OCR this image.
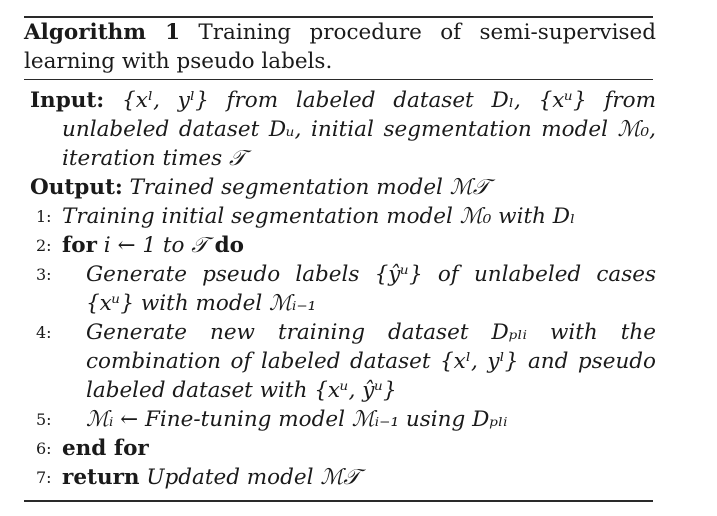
Algorithm 1 Training procedure of semi-supervised learning with pseudo labels.
Input: {xˡ, yˡ} from labeled dataset Dₗ, {xᵘ} from unlabeled dataset Dᵤ, initial segmentation model ℳ₀, iteration times 𝒯
Output: Trained segmentation model ℳ𝒯
1: Training initial segmentation model ℳ₀ with Dₗ
2: for i ← 1 to 𝒯 do
3: Generate pseudo labels {ŷᵘ} of unlabeled cases {xᵘ} with model ℳᵢ₋₁
4: Generate new training dataset Dₚₗᵢ with the combination of labeled dataset {xˡ, yˡ} and pseudo labeled dataset with {xᵘ, ŷᵘ}
5: ℳᵢ ← Fine-tuning model ℳᵢ₋₁ using Dₚₗᵢ
6: end for
7: return Updated model ℳ𝒯
